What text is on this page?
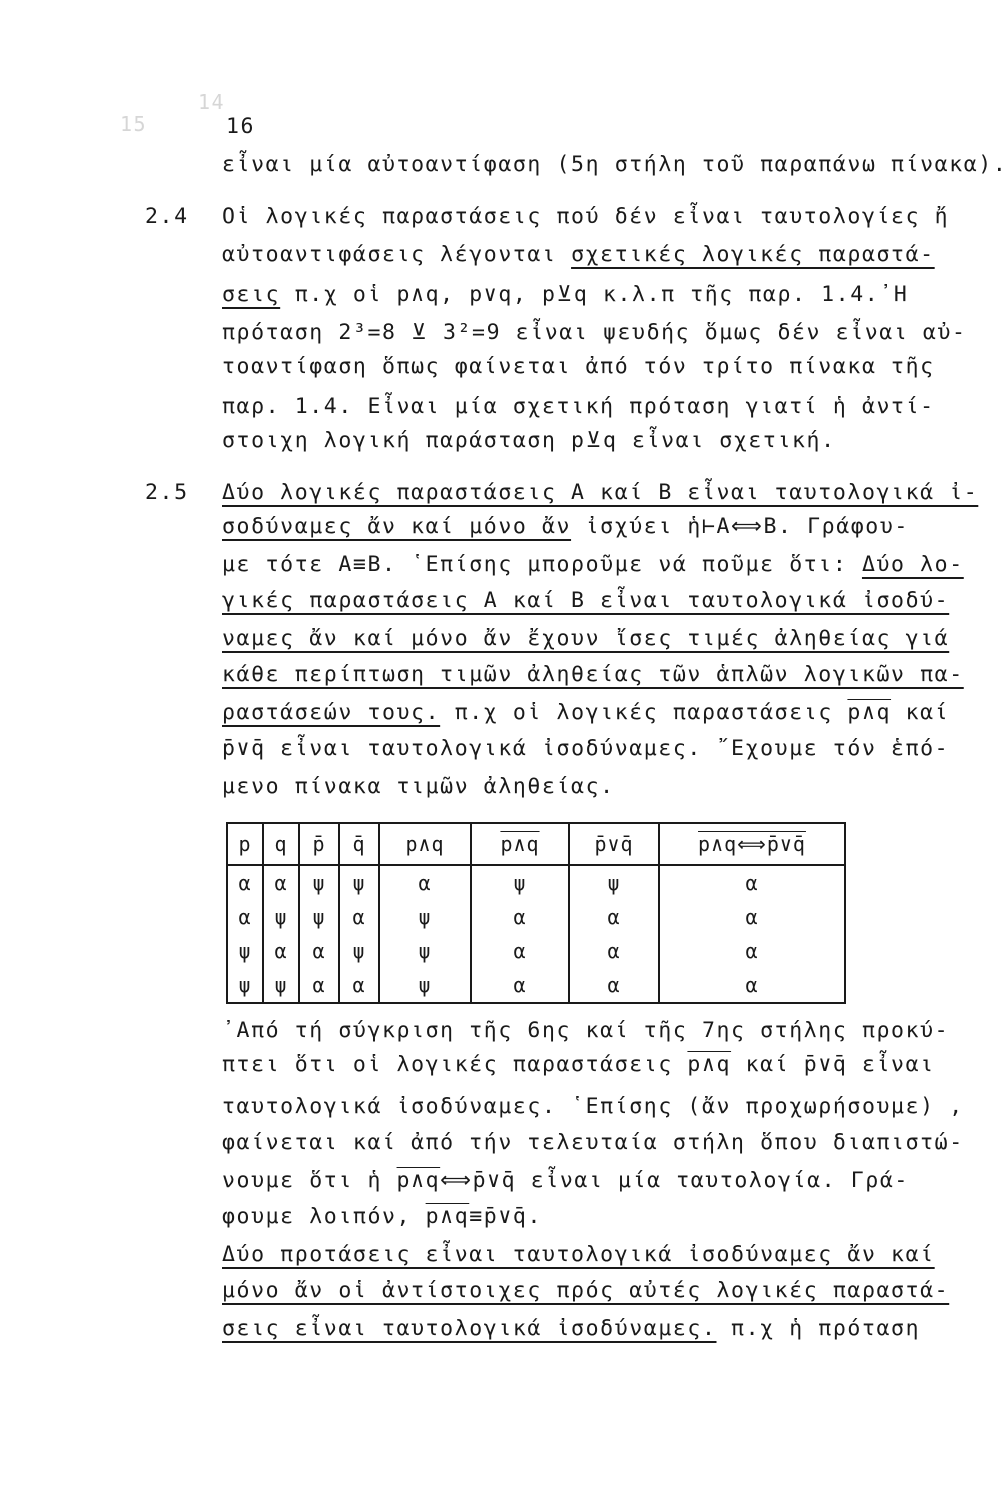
14
15	16
εἶναι μία αὐτοαντίφαση (5η στήλη τοῦ παραπάνω πίνακα).
2.4 Οἱ λογικές παραστάσεις πού δέν εἶναι ταυτολογίες ἤ
αὐτοαντιφάσεις λέγονται σχετικές λογικές παραστά-
σεις π.χ οἱ p∧q, p∨q, p⊻q κ.λ.π τῆς παρ. 1.4.᾿Η
πρόταση 2³=8 ⊻ 3²=9 εἶναι ψευδής ὅμως δέν εἶναι αὐ-
τοαντίφαση ὅπως φαίνεται ἀπό τόν τρίτο πίνακα τῆς
παρ. 1.4. Εἶναι μία σχετική πρόταση γιατί ἡ ἀντί-
στοιχη λογική παράσταση p⊻q εἶναι σχετική.
2.5 Δύο λογικές παραστάσεις Α καί Β εἶναι ταυτολογικά ἰ-
σοδύναμες ἄν καί μόνο ἄν ἰσχύει ἡ⊢Α⟺Β. Γράφου-
με τότε Α≡Β. ῾Επίσης μποροῦμε νά ποῦμε ὅτι: Δύο λο-
γικές παραστάσεις Α καί Β εἶναι ταυτολογικά ἰσοδύ-
ναμες ἄν καί μόνο ἄν ἔχουν ἴσες τιμές ἀληθείας γιά
κάθε περίπτωση τιμῶν ἀληθείας τῶν ἁπλῶν λογικῶν πα-
ραστάσεών τους. π.χ οἱ λογικές παραστάσεις p∧q καί
p̄∨q̄ εἶναι ταυτολογικά ἰσοδύναμες. ῎Εχουμε τόν ἑπό-
μενο πίνακα τιμῶν ἀληθείας.
p	q	p̄	q̄	p∧q	p∧q	p̄∨q̄	p∧q⟺p̄∨q̄
α	α	ψ	ψ	α	ψ	ψ	α
α	ψ	ψ	α	ψ	α	α	α
ψ	α	α	ψ	ψ	α	α	α
ψ	ψ	α	α	ψ	α	α	α
᾿Από τή σύγκριση τῆς 6ης καί τῆς 7ης στήλης προκύ-
πτει ὅτι οἱ λογικές παραστάσεις p∧q καί p̄∨q̄ εἶναι
ταυτολογικά ἰσοδύναμες. ῾Επίσης (ἄν προχωρήσουμε) ,
φαίνεται καί ἀπό τήν τελευταία στήλη ὅπου διαπιστώ-
νουμε ὅτι ἡ p∧q⟺p̄∨q̄ εἶναι μία ταυτολογία. Γρά-
φουμε λοιπόν, p∧q≡p̄∨q̄.
Δύο προτάσεις εἶναι ταυτολογικά ἰσοδύναμες ἄν καί
μόνο ἄν οἱ ἀντίστοιχες πρός αὐτές λογικές παραστά-
σεις εἶναι ταυτολογικά ἰσοδύναμες. π.χ ἡ πρόταση
